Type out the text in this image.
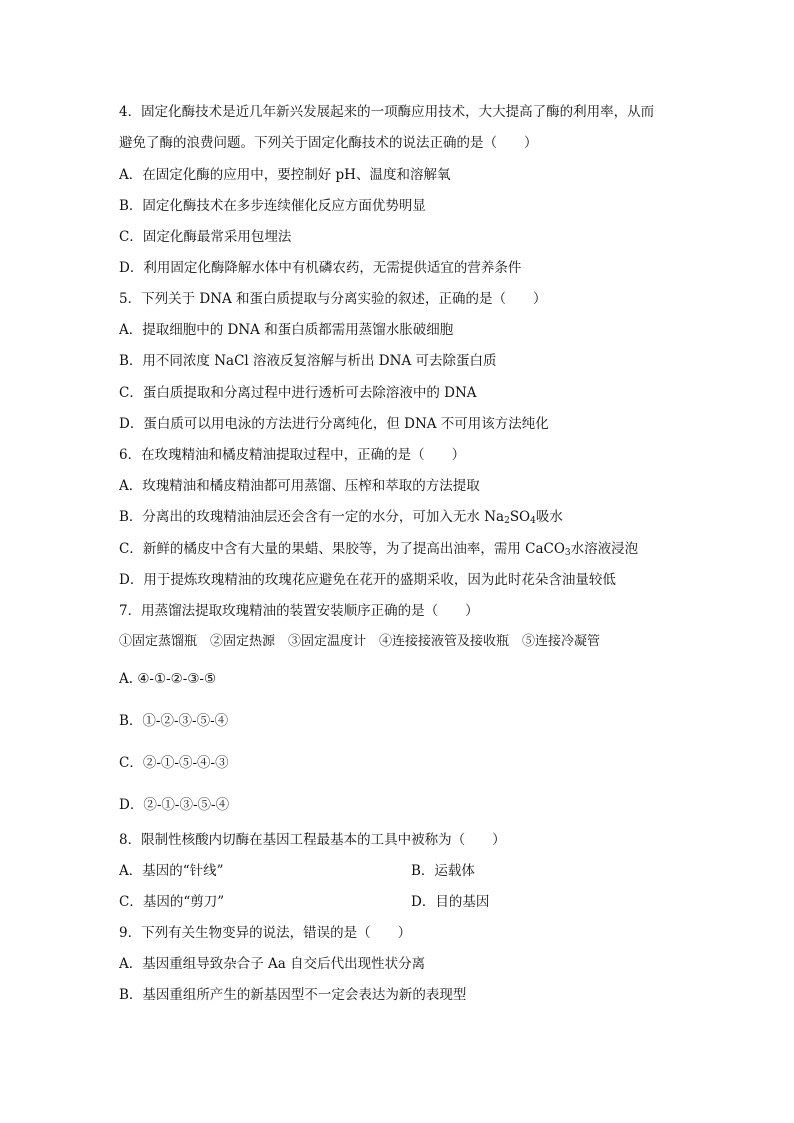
4．固定化酶技术是近几年新兴发展起来的一项酶应用技术，大大提高了酶的利用率，从而
避免了酶的浪费问题。下列关于固定化酶技术的说法正确的是（　　）
A．在固定化酶的应用中，要控制好 pH、温度和溶解氧
B．固定化酶技术在多步连续催化反应方面优势明显
C．固定化酶最常采用包埋法
D．利用固定化酶降解水体中有机磷农药，无需提供适宜的营养条件
5．下列关于 DNA 和蛋白质提取与分离实验的叙述，正确的是（　　）
A．提取细胞中的 DNA 和蛋白质都需用蒸馏水胀破细胞
B．用不同浓度 NaCl 溶液反复溶解与析出 DNA 可去除蛋白质
C．蛋白质提取和分离过程中进行透析可去除溶液中的 DNA
D．蛋白质可以用电泳的方法进行分离纯化，但 DNA 不可用该方法纯化
6．在玫瑰精油和橘皮精油提取过程中，正确的是（　　）
A．玫瑰精油和橘皮精油都可用蒸馏、压榨和萃取的方法提取
B．分离出的玫瑰精油油层还会含有一定的水分，可加入无水 $Na_2SO_4$吸水
C．新鲜的橘皮中含有大量的果蜡、果胶等，为了提高出油率，需用 CaCO$_3$水溶液浸泡
D．用于提炼玫瑰精油的玫瑰花应避免在花开的盛期采收，因为此时花朵含油量较低
7．用蒸馏法提取玫瑰精油的装置安装顺序正确的是（　　）
①固定蒸馏瓶　②固定热源　③固定温度计　④连接接液管及接收瓶　⑤连接冷凝管
A. ④-①-②-③-⑤
B．①-②-③-⑤-④
C．②-①-⑤-④-③
D．②-①-③-⑤-④
8．限制性核酸内切酶在基因工程最基本的工具中被称为（　　）
A．基因的“针线”	B．运载体
C．基因的“剪刀”	D．目的基因
9．下列有关生物变异的说法，错误的是（　　）
A．基因重组导致杂合子 Aa 自交后代出现性状分离
B．基因重组所产生的新基因型不一定会表达为新的表现型
